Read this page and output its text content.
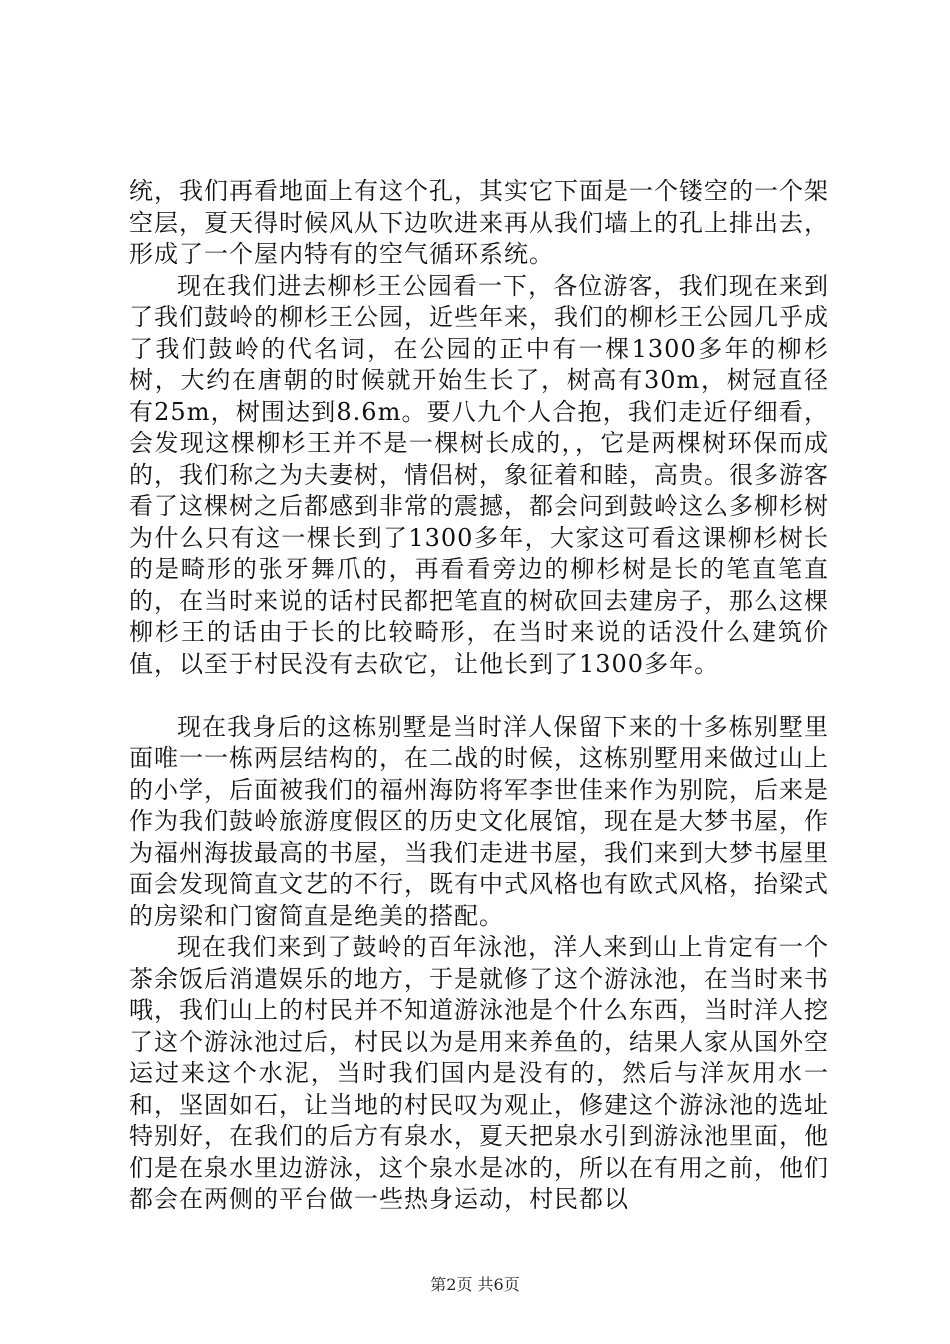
统，我们再看地面上有这个孔，其实它下面是一个镂空的一个架空层，夏天得时候风从下边吹进来再从我们墙上的孔上排出去，形成了一个屋内特有的空气循环系统。

现在我们进去柳杉王公园看一下，各位游客，我们现在来到了我们鼓岭的柳杉王公园，近些年来，我们的柳杉王公园几乎成了我们鼓岭的代名词，在公园的正中有一棵1300多年的柳杉树，大约在唐朝的时候就开始生长了，树高有30m，树冠直径有25m，树围达到8.6m。要八九个人合抱，我们走近仔细看，会发现这棵柳杉王并不是一棵树长成的，，它是两棵树环保而成的，我们称之为夫妻树，情侣树，象征着和睦，高贵。很多游客看了这棵树之后都感到非常的震撼，都会问到鼓岭这么多柳杉树为什么只有这一棵长到了1300多年，大家这可看这课柳杉树长的是畸形的张牙舞爪的，再看看旁边的柳杉树是长的笔直笔直的，在当时来说的话村民都把笔直的树砍回去建房子，那么这棵柳杉王的话由于长的比较畸形，在当时来说的话没什么建筑价值，以至于村民没有去砍它，让他长到了1300多年。

现在我身后的这栋别墅是当时洋人保留下来的十多栋别墅里面唯一一栋两层结构的，在二战的时候，这栋别墅用来做过山上的小学，后面被我们的福州海防将军李世佳来作为别院，后来是作为我们鼓岭旅游度假区的历史文化展馆，现在是大梦书屋，作为福州海拔最高的书屋，当我们走进书屋，我们来到大梦书屋里面会发现简直文艺的不行，既有中式风格也有欧式风格，抬梁式的房梁和门窗简直是绝美的搭配。

现在我们来到了鼓岭的百年泳池，洋人来到山上肯定有一个茶余饭后消遣娱乐的地方，于是就修了这个游泳池，在当时来书哦，我们山上的村民并不知道游泳池是个什么东西，当时洋人挖了这个游泳池过后，村民以为是用来养鱼的，结果人家从国外空运过来这个水泥，当时我们国内是没有的，然后与洋灰用水一和，坚固如石，让当地的村民叹为观止，修建这个游泳池的选址特别好，在我们的后方有泉水，夏天把泉水引到游泳池里面，他们是在泉水里边游泳，这个泉水是冰的，所以在有用之前，他们都会在两侧的平台做一些热身运动，村民都以

第2页 共6页
